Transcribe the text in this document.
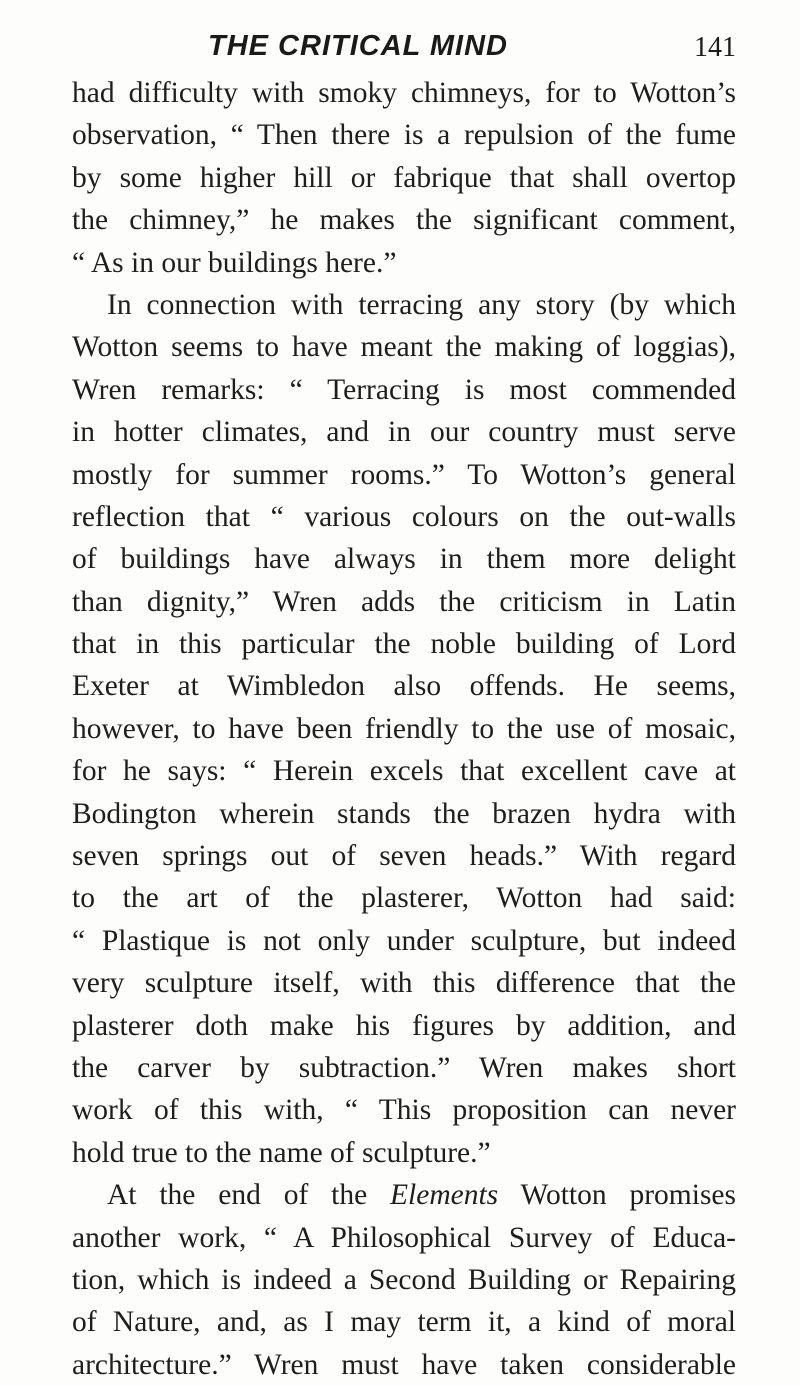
THE CRITICAL MIND	141
had difficulty with smoky chimneys, for to Wotton’s
observation, “ Then there is a repulsion of the fume
by some higher hill or fabrique that shall overtop
the chimney,” he makes the significant comment,
“ As in our buildings here.”
In connection with terracing any story (by which
Wotton seems to have meant the making of loggias),
Wren remarks: “ Terracing is most commended
in hotter climates, and in our country must serve
mostly for summer rooms.” To Wotton’s general
reflection that “ various colours on the out-walls
of buildings have always in them more delight
than dignity,” Wren adds the criticism in Latin
that in this particular the noble building of Lord
Exeter at Wimbledon also offends. He seems,
however, to have been friendly to the use of mosaic,
for he says: “ Herein excels that excellent cave at
Bodington wherein stands the brazen hydra with
seven springs out of seven heads.” With regard
to the art of the plasterer, Wotton had said:
“ Plastique is not only under sculpture, but indeed
very sculpture itself, with this difference that the
plasterer doth make his figures by addition, and
the carver by subtraction.” Wren makes short
work of this with, “ This proposition can never
hold true to the name of sculpture.”
At the end of the Elements Wotton promises
another work, “ A Philosophical Survey of Educa-
tion, which is indeed a Second Building or Repairing
of Nature, and, as I may term it, a kind of moral
architecture.” Wren must have taken considerable
